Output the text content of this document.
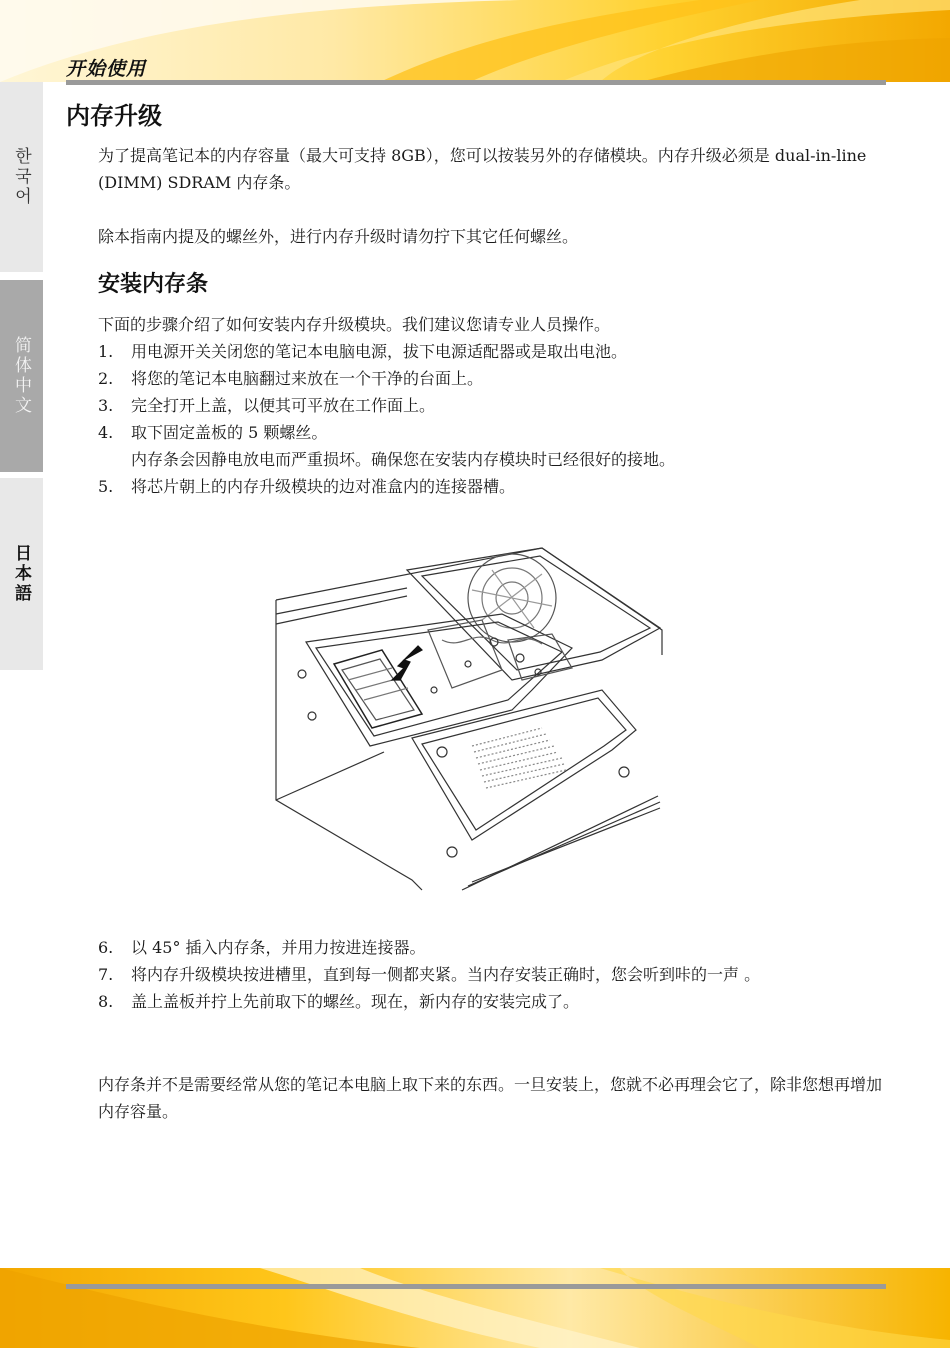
开始使用
한국어
简体中文
日本語
内存升级

为了提高笔记本的内存容量（最大可支持 8GB），您可以按装另外的存储模块。内存升级必须是 dual-in-line (DIMM) SDRAM 内存条。

除本指南内提及的螺丝外，进行内存升级时请勿拧下其它任何螺丝。

安装内存条

下面的步骤介绍了如何安装内存升级模块。我们建议您请专业人员操作。

1.	用电源开关关闭您的笔记本电脑电源，拔下电源适配器或是取出电池。
2.	将您的笔记本电脑翻过来放在一个干净的台面上。
3.	完全打开上盖，以便其可平放在工作面上。
4.	取下固定盖板的 5 颗螺丝。
内存条会因静电放电而严重损坏。确保您在安装内存模块时已经很好的接地。
5.	将芯片朝上的内存升级模块的边对准盒内的连接器槽。
6.	以 45° 插入内存条，并用力按进连接器。
7.	将内存升级模块按进槽里，直到每一侧都夹紧。当内存安装正确时，您会听到咔的一声 。
8.	盖上盖板并拧上先前取下的螺丝。现在，新内存的安装完成了。

内存条并不是需要经常从您的笔记本电脑上取下来的东西。一旦安装上，您就不必再理会它了，除非您想再增加内存容量。
